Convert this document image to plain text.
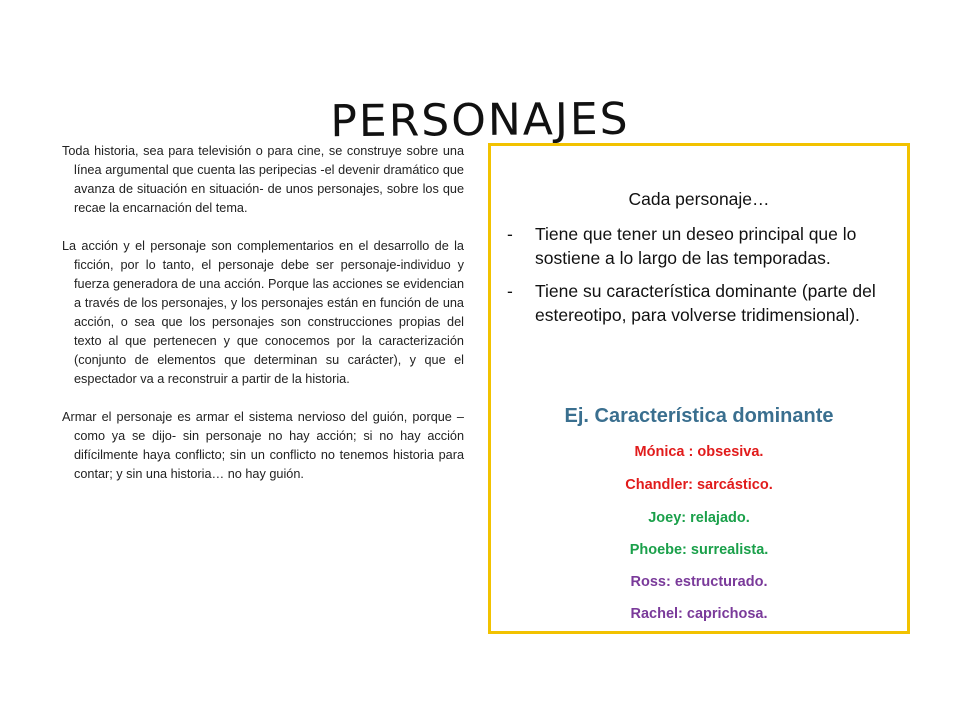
PERSONAJES

Toda historia, sea para televisión o para cine, se construye sobre una línea argumental que cuenta las peripecias -el devenir dramático que avanza de situación en situación- de unos personajes, sobre los que recae la encarnación del tema.

La acción y el personaje son complementarios en el desarrollo de la ficción, por lo tanto, el personaje debe ser personaje-individuo y fuerza generadora de una acción. Porque las acciones se evidencian a través de los personajes, y los personajes están en función de una acción, o sea que los personajes son construcciones propias del texto al que pertenecen y que conocemos por la caracterización (conjunto de elementos que determinan su carácter), y que el espectador va a reconstruir a partir de la historia.

Armar el personaje es armar el sistema nervioso del guión, porque –como ya se dijo- sin personaje no hay acción; si no hay acción difícilmente haya conflicto; sin un conflicto no tenemos historia para contar; y sin una historia… no hay guión.

Cada personaje…
- Tiene que tener un deseo principal que lo sostiene a lo largo de las temporadas.
- Tiene su característica dominante (parte del estereotipo, para volverse tridimensional).
Ej. Característica dominante
Mónica : obsesiva.
Chandler: sarcástico.
Joey: relajado.
Phoebe: surrealista.
Ross: estructurado.
Rachel: caprichosa.
